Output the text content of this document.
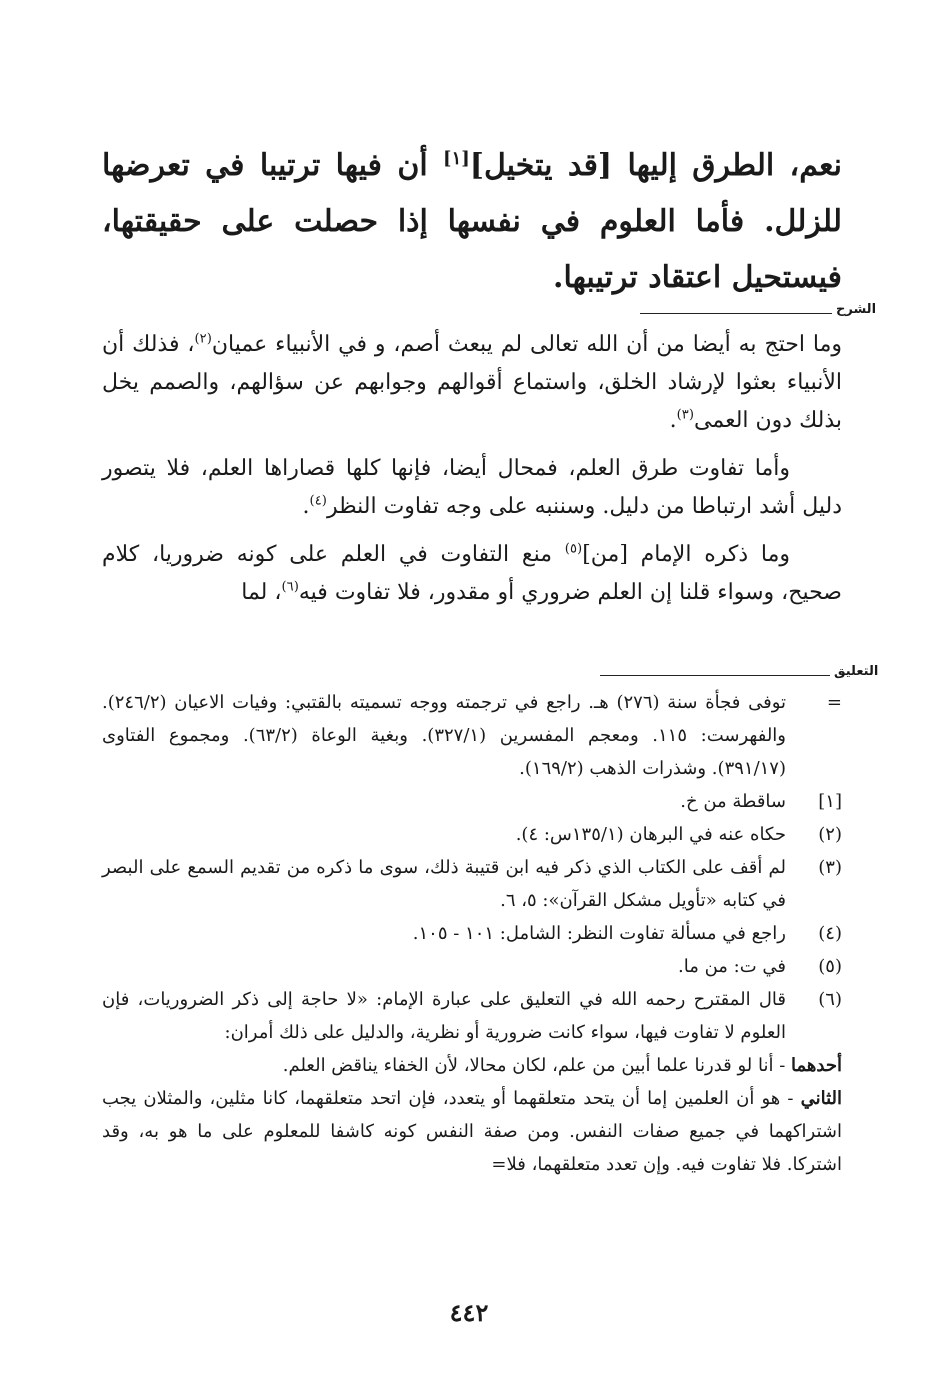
نعم، الطرق إليها [قد يتخيل][١] أن فيها ترتيبا في تعرضها للزلل. فأما العلوم في نفسها إذا حصلت على حقيقتها، فيستحيل اعتقاد ترتيبها.

الشرح

وما احتج به أيضا من أن الله تعالى لم يبعث أصم، و في الأنبياء عميان$^{(٢)}$، فذلك أن الأنبياء بعثوا لإرشاد الخلق، واستماع أقوالهم وجوابهم عن سؤالهم، والصمم يخل بذلك دون العمى$^{(٣)}$.

وأما تفاوت طرق العلم، فمحال أيضا، فإنها كلها قصاراها العلم، فلا يتصور دليل أشد ارتباطا من دليل. وسننبه على وجه تفاوت النظر$^{(٤)}$.

وما ذكره الإمام [من]$^{(٥)}$ منع التفاوت في العلم على كونه ضروريا، كلام صحيح، وسواء قلنا إن العلم ضروري أو مقدور، فلا تفاوت فيه$^{(٦)}$، لما

التعليق
=
توفى فجأة سنة (٢٧٦) هـ. راجع في ترجمته ووجه تسميته بالقتبي: وفيات الاعيان (٢٤٦/٢). والفهرست: ١١٥. ومعجم المفسرين (٣٢٧/١). وبغية الوعاة (٦٣/٢). ومجموع الفتاوى (٣٩١/١٧). وشذرات الذهب (١٦٩/٢).
[١]
ساقطة من خ.
(٢)
حكاه عنه في البرهان (١٣٥/١س: ٤).
(٣)
لم أقف على الكتاب الذي ذكر فيه ابن قتيبة ذلك، سوى ما ذكره من تقديم السمع على البصر في كتابه «تأويل مشكل القرآن»: ٥، ٦.
(٤)
راجع في مسألة تفاوت النظر: الشامل: ١٠١ - ١٠٥.
(٥)
في ت: من ما.
(٦)
قال المقترح رحمه الله في التعليق على عبارة الإمام: «لا حاجة إلى ذكر الضروريات، فإن العلوم لا تفاوت فيها، سواء كانت ضرورية أو نظرية، والدليل على ذلك أمران:

أحدهما - أنا لو قدرنا علما أبين من علم، لكان محالا، لأن الخفاء يناقض العلم.

الثاني - هو أن العلمين إما أن يتحد متعلقهما أو يتعدد، فإن اتحد متعلقهما، كانا مثلين، والمثلان يجب اشتراكهما في جميع صفات النفس. ومن صفة النفس كونه كاشفا للمعلوم على ما هو به، وقد اشتركا. فلا تفاوت فيه. وإن تعدد متعلقهما، فلا=

٤٤٢
